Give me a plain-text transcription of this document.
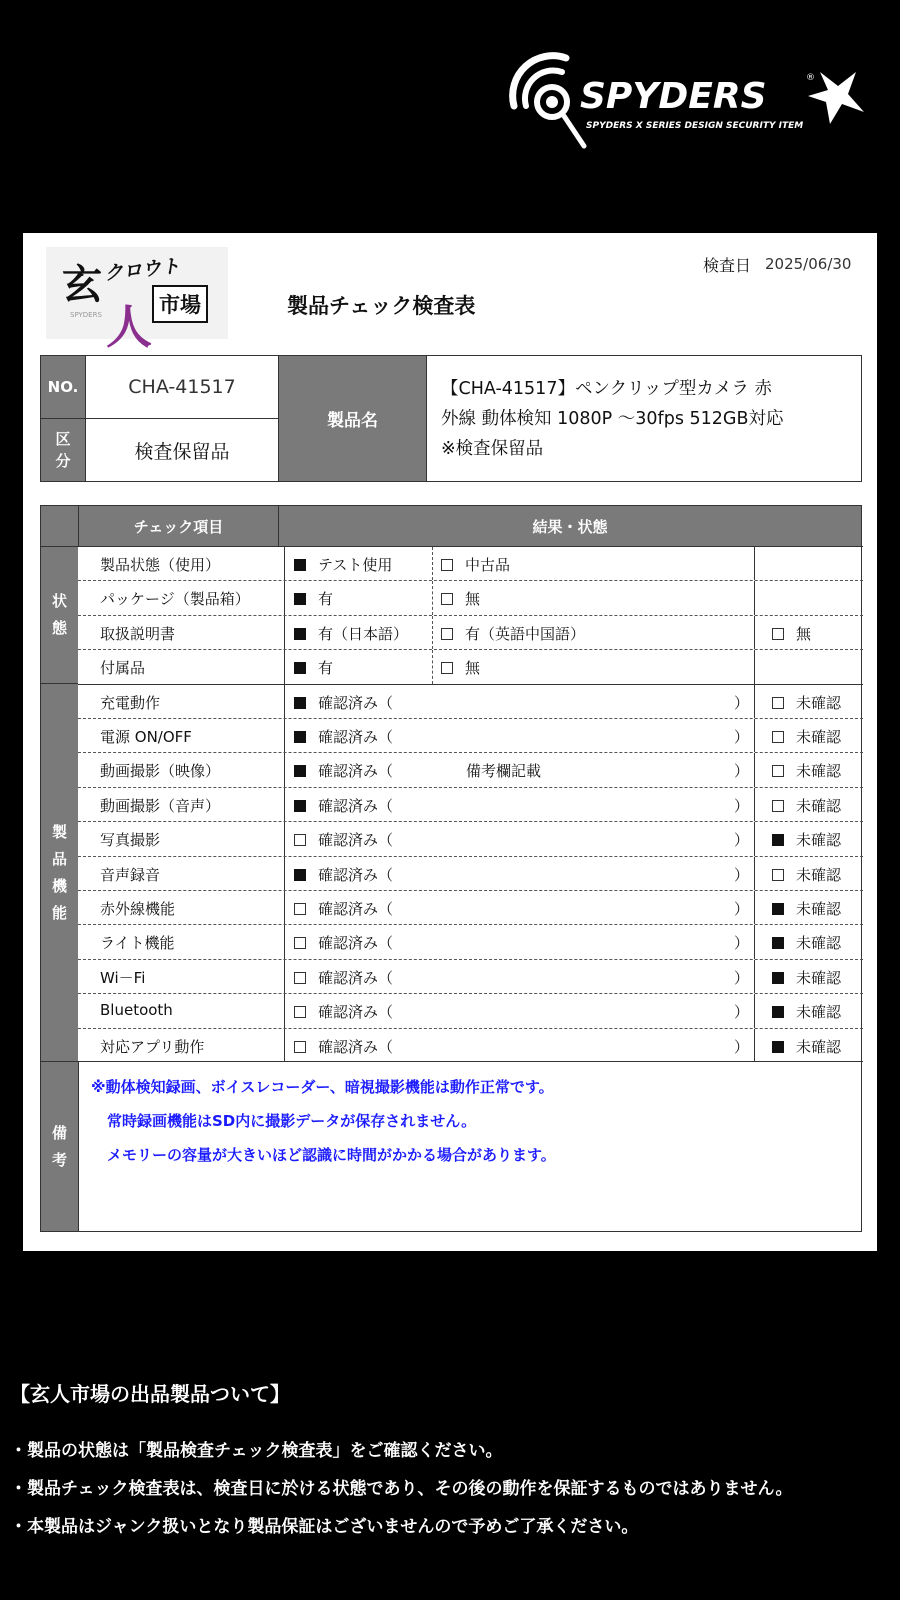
SPYDERS	®
SPYDERS X SERIES DESIGN SECURITY ITEM
玄 クロウト
人 市場
SPYDERS	製品チェック検査表
検査日 2025/06/30
NO.	CHA-41517
区分	検査保留品
製品名
【CHA-41517】ペンクリップ型カメラ 赤
外線 動体検知 1080P ～30fps 512GB対応
※検査保留品
チェック項目	結果・状態
状態
製品機能
備考
製品状態（使用）	テスト使用	中古品
パッケージ（製品箱）	有	無
取扱説明書	有（日本語）	有（英語中国語）	無
付属品	有	無
充電動作	確認済み（	）	未確認
電源 ON/OFF	確認済み（	）	未確認
動画撮影（映像）	確認済み（	備考欄記載	）	未確認
動画撮影（音声）	確認済み（	）	未確認
写真撮影	確認済み（	）	未確認
音声録音	確認済み（	）	未確認
赤外線機能	確認済み（	）	未確認
ライト機能	確認済み（	）	未確認
Wi－Fi	確認済み（	）	未確認
Bluetooth	確認済み（	）	未確認
対応アプリ動作	確認済み（	）	未確認

※動体検知録画、ボイスレコーダー、暗視撮影機能は動作正常です。

常時録画機能はSD内に撮影データが保存されません。

メモリーの容量が大きいほど認識に時間がかかる場合があります。

【玄人市場の出品製品ついて】
・製品の状態は「製品検査チェック検査表」をご確認ください。
・製品チェック検査表は、検査日に於ける状態であり、その後の動作を保証するものではありません。
・本製品はジャンク扱いとなり製品保証はございませんので予めご了承ください。
